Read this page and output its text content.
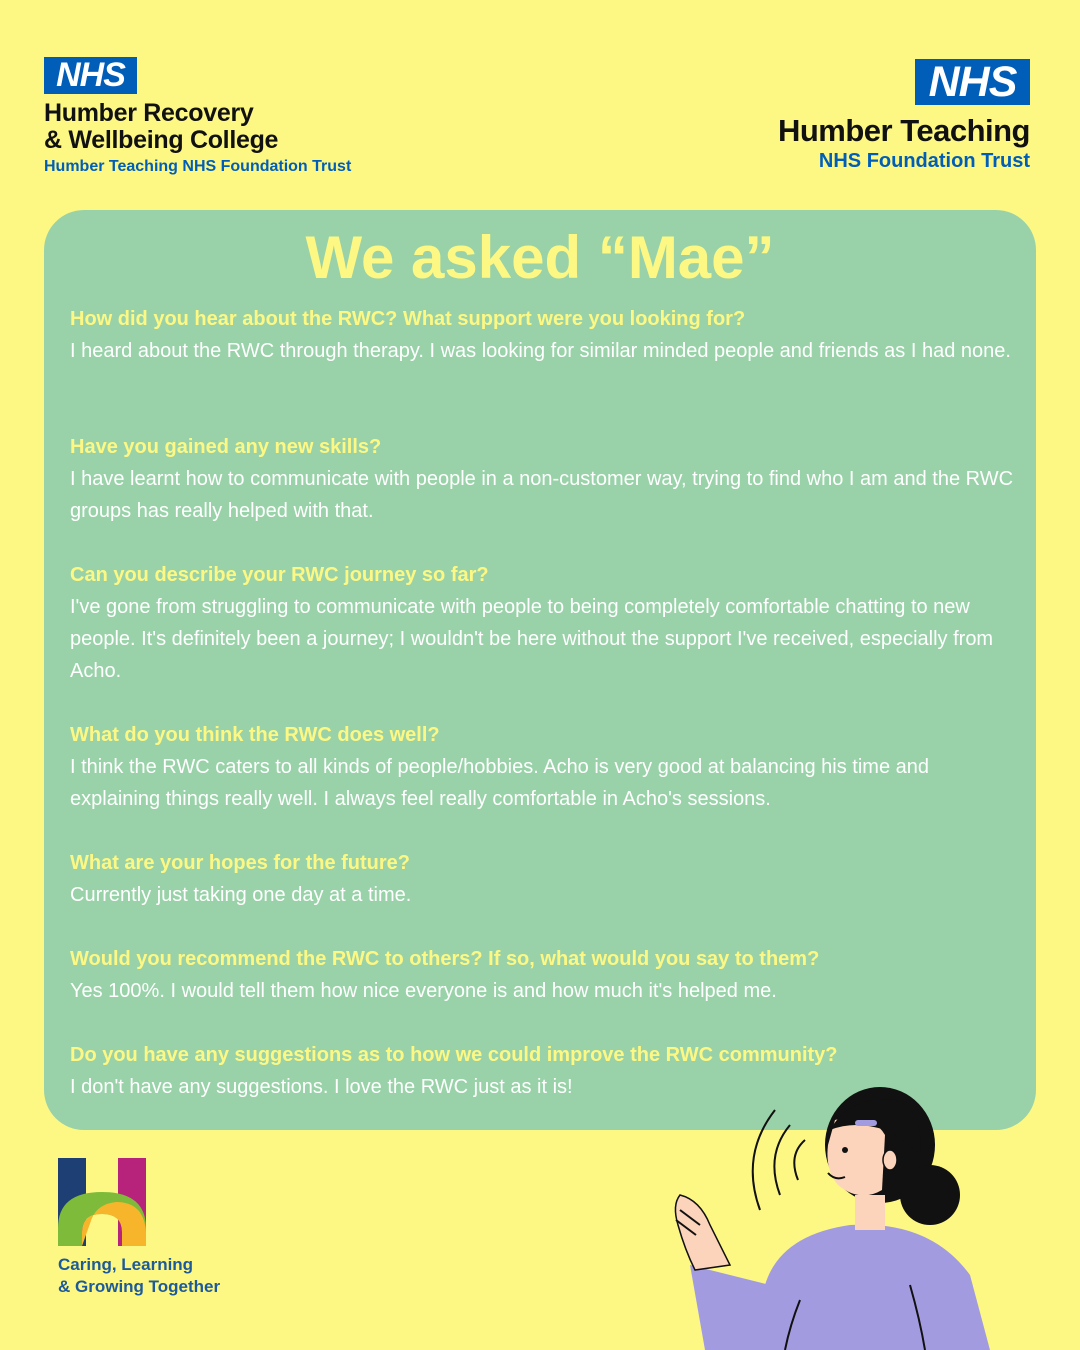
NHS
Humber Recovery
& Wellbeing College
Humber Teaching NHS Foundation Trust
NHS
Humber Teaching
NHS Foundation Trust
We asked “Mae”
How did you hear about the RWC? What support were you looking for?
I heard about the RWC through therapy. I was looking for similar minded people and friends as I had none.
Have you gained any new skills?
I have learnt how to communicate with people in a non-customer way, trying to find who I am and the RWC groups has really helped with that.
Can you describe your RWC journey so far?
I've gone from struggling to communicate with people to being completely comfortable chatting to new people. It's definitely been a journey; I wouldn't be here without the support I've received, especially from Acho.
What do you think the RWC does well?
I think the RWC caters to all kinds of people/hobbies. Acho is very good at balancing his time and explaining things really well. I always feel really comfortable in Acho's sessions.
What are your hopes for the future?
Currently just taking one day at a time.
Would you recommend the RWC to others? If so, what would you say to them?
Yes 100%. I would tell them how nice everyone is and how much it's helped me.
Do you have any suggestions as to how we could improve the RWC community?
I don't have any suggestions. I love the RWC just as it is!
Caring, Learning
& Growing Together
